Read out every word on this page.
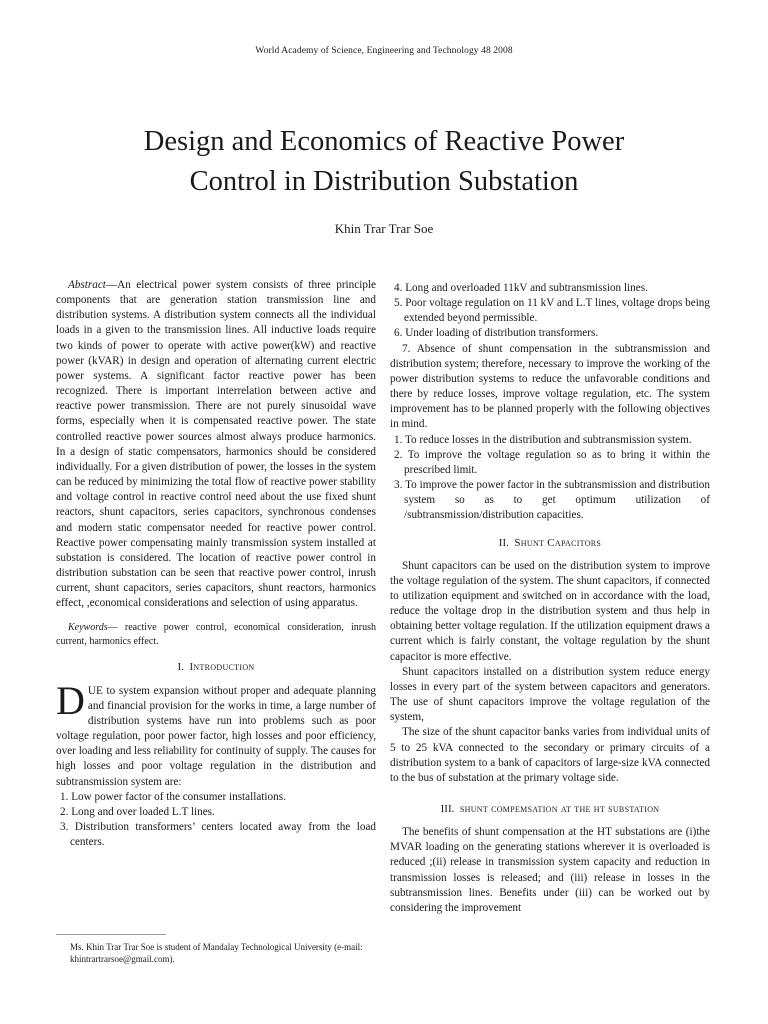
World Academy of Science, Engineering and Technology 48 2008
Design and Economics of Reactive Power
Control in Distribution Substation
Khin Trar Trar Soe

Abstract—An electrical power system consists of three principle components that are generation station transmission line and distribution systems. A distribution system connects all the individual loads in a given to the transmission lines. All inductive loads require two kinds of power to operate with active power(kW) and reactive power (kVAR) in design and operation of alternating current electric power systems. A significant factor reactive power has been recognized. There is important interrelation between active and reactive power transmission. There are not purely sinusoidal wave forms, especially when it is compensated reactive power. The state controlled reactive power sources almost always produce harmonics. In a design of static compensators, harmonics should be considered individually. For a given distribution of power, the losses in the system can be reduced by minimizing the total flow of reactive power stability and voltage control in reactive control need about the use fixed shunt reactors, shunt capacitors, series capacitors, synchronous condenses and modern static compensator needed for reactive power control. Reactive power compensating mainly transmission system installed at substation is considered. The location of reactive power control in distribution substation can be seen that reactive power control, inrush current, shunt capacitors, series capacitors, shunt reactors, harmonics effect, ,economical considerations and selection of using apparatus.

Keywords— reactive power control, economical consideration, inrush current, harmonics effect.

I. Introduction

DUE to system expansion without proper and adequate planning and financial provision for the works in time, a large number of distribution systems have run into problems such as poor voltage regulation, poor power factor, high losses and poor efficiency, over loading and less reliability for continuity of supply. The causes for high losses and poor voltage regulation in the distribution and subtransmission system are:

1. Low power factor of the consumer installations.

2. Long and over loaded L.T lines.

3. Distribution transformers’ centers located away from the load centers.

Ms. Khin Trar Trar Soe is student of Mandalay Technological University (e-mail: khintrartrarsoe@gmail.com).

4. Long and overloaded 11kV and subtransmission lines.

5. Poor voltage regulation on 11 kV and L.T lines, voltage drops being extended beyond permissible.

6. Under loading of distribution transformers.

7. Absence of shunt compensation in the subtransmission and distribution system; therefore, necessary to improve the working of the power distribution systems to reduce the unfavorable conditions and there by reduce losses, improve voltage regulation, etc. The system improvement has to be planned properly with the following objectives in mind.

1. To reduce losses in the distribution and subtransmission system.

2. To improve the voltage regulation so as to bring it within the prescribed limit.

3. To improve the power factor in the subtransmission and distribution system so as to get optimum utilization of /subtransmission/distribution capacities.

II. Shunt Capacitors

Shunt capacitors can be used on the distribution system to improve the voltage regulation of the system. The shunt capacitors, if connected to utilization equipment and switched on in accordance with the load, reduce the voltage drop in the distribution system and thus help in obtaining better voltage regulation. If the utilization equipment draws a current which is fairly constant, the voltage regulation by the shunt capacitor is more effective.

Shunt capacitors installed on a distribution system reduce energy losses in every part of the system between capacitors and generators. The use of shunt capacitors improve the voltage regulation of the system,

The size of the shunt capacitor banks varies from individual units of 5 to 25 kVA connected to the secondary or primary circuits of a distribution system to a bank of capacitors of large-size kVA connected to the bus of substation at the primary voltage side.

III. shunt compemsation at the ht substation

The benefits of shunt compensation at the HT substations are (i)the MVAR loading on the generating stations wherever it is overloaded is reduced ;(ii) release in transmission system capacity and reduction in transmission losses is released; and (iii) release in losses in the subtransmission lines. Benefits under (iii) can be worked out by considering the improvement
